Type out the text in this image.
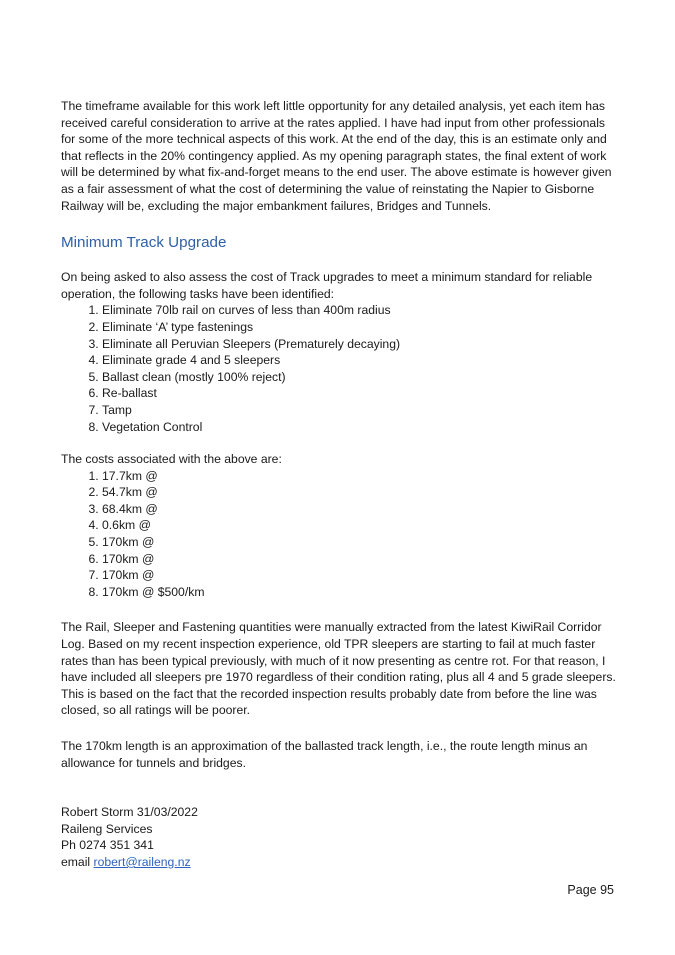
The timeframe available for this work left little opportunity for any detailed analysis, yet each item has received careful consideration to arrive at the rates applied. I have had input from other professionals for some of the more technical aspects of this work. At the end of the day, this is an estimate only and that reflects in the 20% contingency applied. As my opening paragraph states, the final extent of work will be determined by what fix-and-forget means to the end user. The above estimate is however given as a fair assessment of what the cost of determining the value of reinstating the Napier to Gisborne Railway will be, excluding the major embankment failures, Bridges and Tunnels.

Minimum Track Upgrade

On being asked to also assess the cost of Track upgrades to meet a minimum standard for reliable operation, the following tasks have been identified:

1. Eliminate 70lb rail on curves of less than 400m radius
2. Eliminate ‘A’ type fastenings
3. Eliminate all Peruvian Sleepers (Prematurely decaying)
4. Eliminate grade 4 and 5 sleepers
5. Ballast clean (mostly 100% reject)
6. Re-ballast
7. Tamp
8. Vegetation Control

The costs associated with the above are:

1. 17.7km @
2. 54.7km @
3. 68.4km @
4. 0.6km @
5. 170km @
6. 170km @
7. 170km @
8. 170km @ $500/km

The Rail, Sleeper and Fastening quantities were manually extracted from the latest KiwiRail Corridor Log. Based on my recent inspection experience, old TPR sleepers are starting to fail at much faster rates than has been typical previously, with much of it now presenting as centre rot. For that reason, I have included all sleepers pre 1970 regardless of their condition rating, plus all 4 and 5 grade sleepers. This is based on the fact that the recorded inspection results probably date from before the line was closed, so all ratings will be poorer.

The 170km length is an approximation of the ballasted track length, i.e., the route length minus an allowance for tunnels and bridges.

Robert Storm 31/03/2022

Raileng Services

Ph 0274 351 341

email robert@raileng.nz

Page 95
